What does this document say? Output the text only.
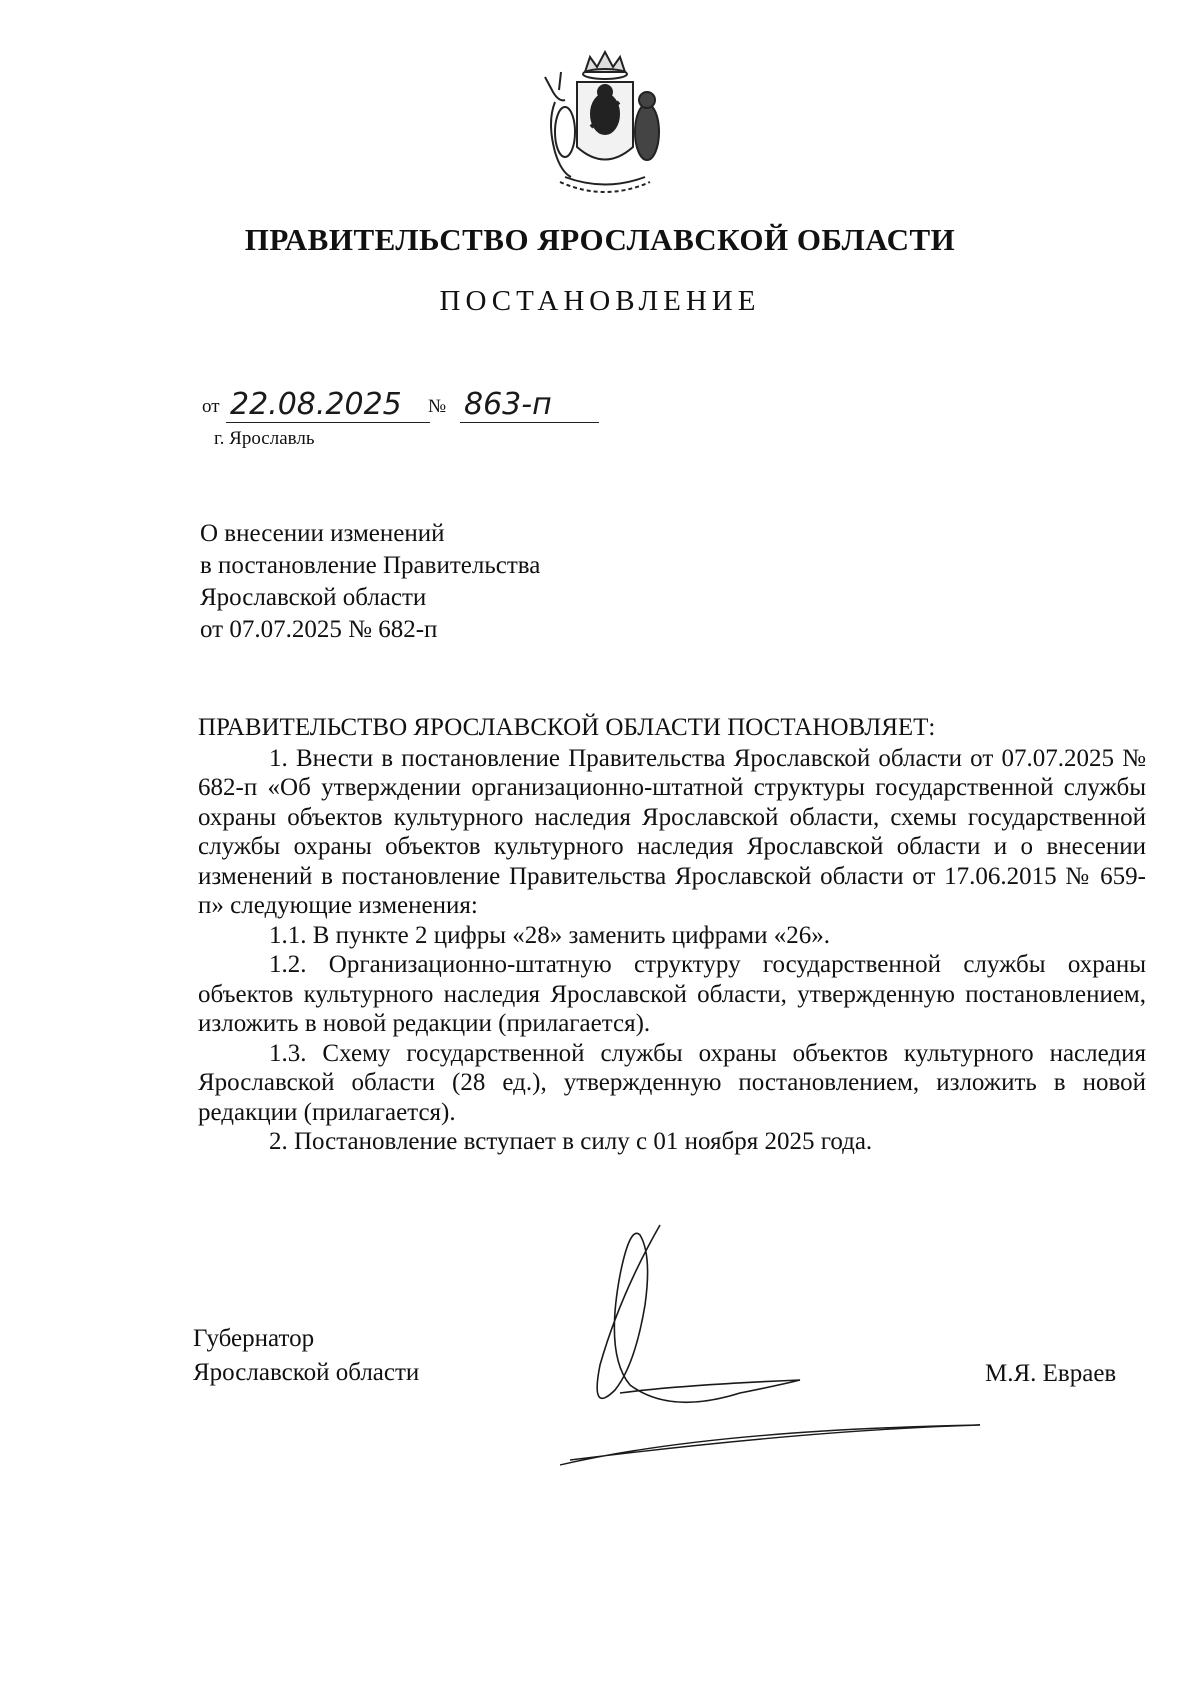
ПРАВИТЕЛЬСТВО ЯРОСЛАВСКОЙ ОБЛАСТИ
ПОСТАНОВЛЕНИЕ
от 22.08.2025	№ 863-п
г. Ярославль
О внесении изменений
в постановление Правительства
Ярославской области
от 07.07.2025 № 682-п
ПРАВИТЕЛЬСТВО ЯРОСЛАВСКОЙ ОБЛАСТИ ПОСТАНОВЛЯЕТ:

1. Внести в постановление Правительства Ярославской области от 07.07.2025 № 682-п «Об утверждении организационно-штатной структуры государственной службы охраны объектов культурного наследия Ярославской области, схемы государственной службы охраны объектов культурного наследия Ярославской области и о внесении изменений в постановление Правительства Ярославской области от 17.06.2015 № 659-п» следующие изменения:

1.1. В пункте 2 цифры «28» заменить цифрами «26».

1.2. Организационно-штатную структуру государственной службы охраны объектов культурного наследия Ярославской области, утвержденную постановлением, изложить в новой редакции (прилагается).

1.3. Схему государственной службы охраны объектов культурного наследия Ярославской области (28 ед.), утвержденную постановлением, изложить в новой редакции (прилагается).

2. Постановление вступает в силу с 01 ноября 2025 года.

Губернатор
Ярославской области	М.Я. Евраев
